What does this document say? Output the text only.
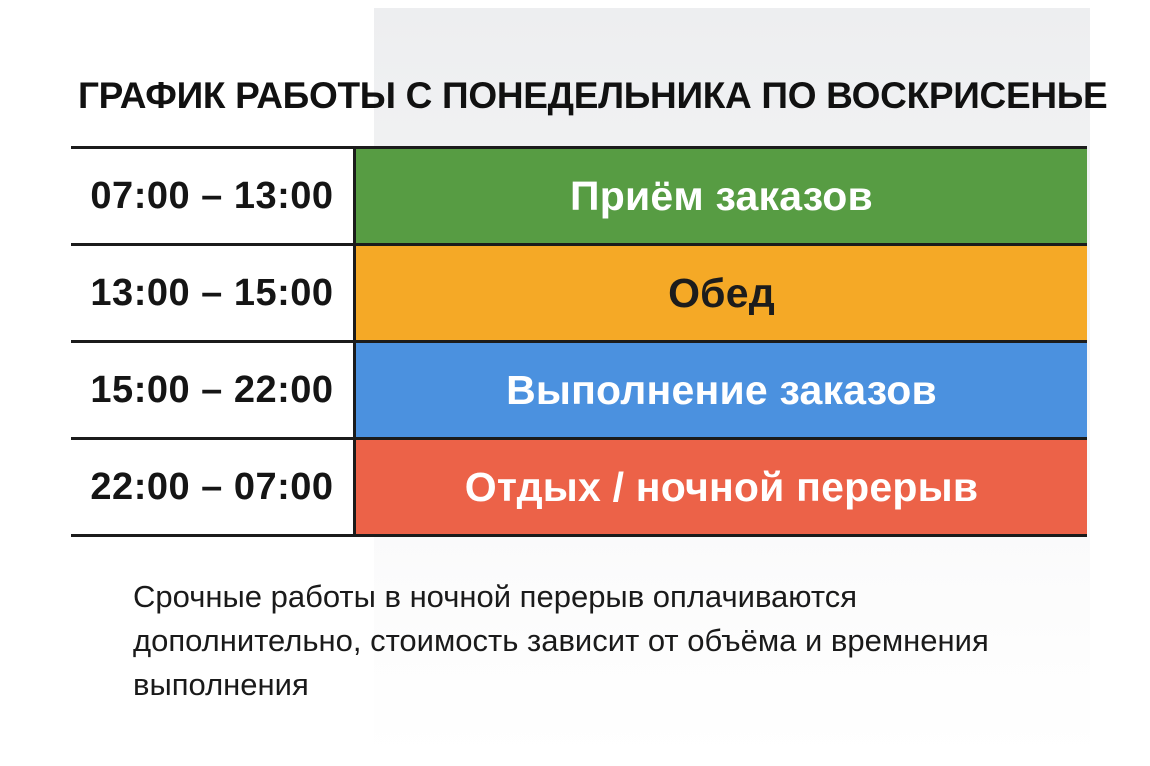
ГРАФИК РАБОТЫ С ПОНЕДЕЛЬНИКА ПО ВОСКРИСЕНЬЕ
07:00 – 13:00	Приём заказов
13:00 – 15:00	Обед
15:00 – 22:00	Выполнение заказов
22:00 – 07:00	Отдых / ночной перерыв
Срочные работы в ночной перерыв оплачиваются
дополнительно, стоимость зависит от объёма и времнения
выполнения
